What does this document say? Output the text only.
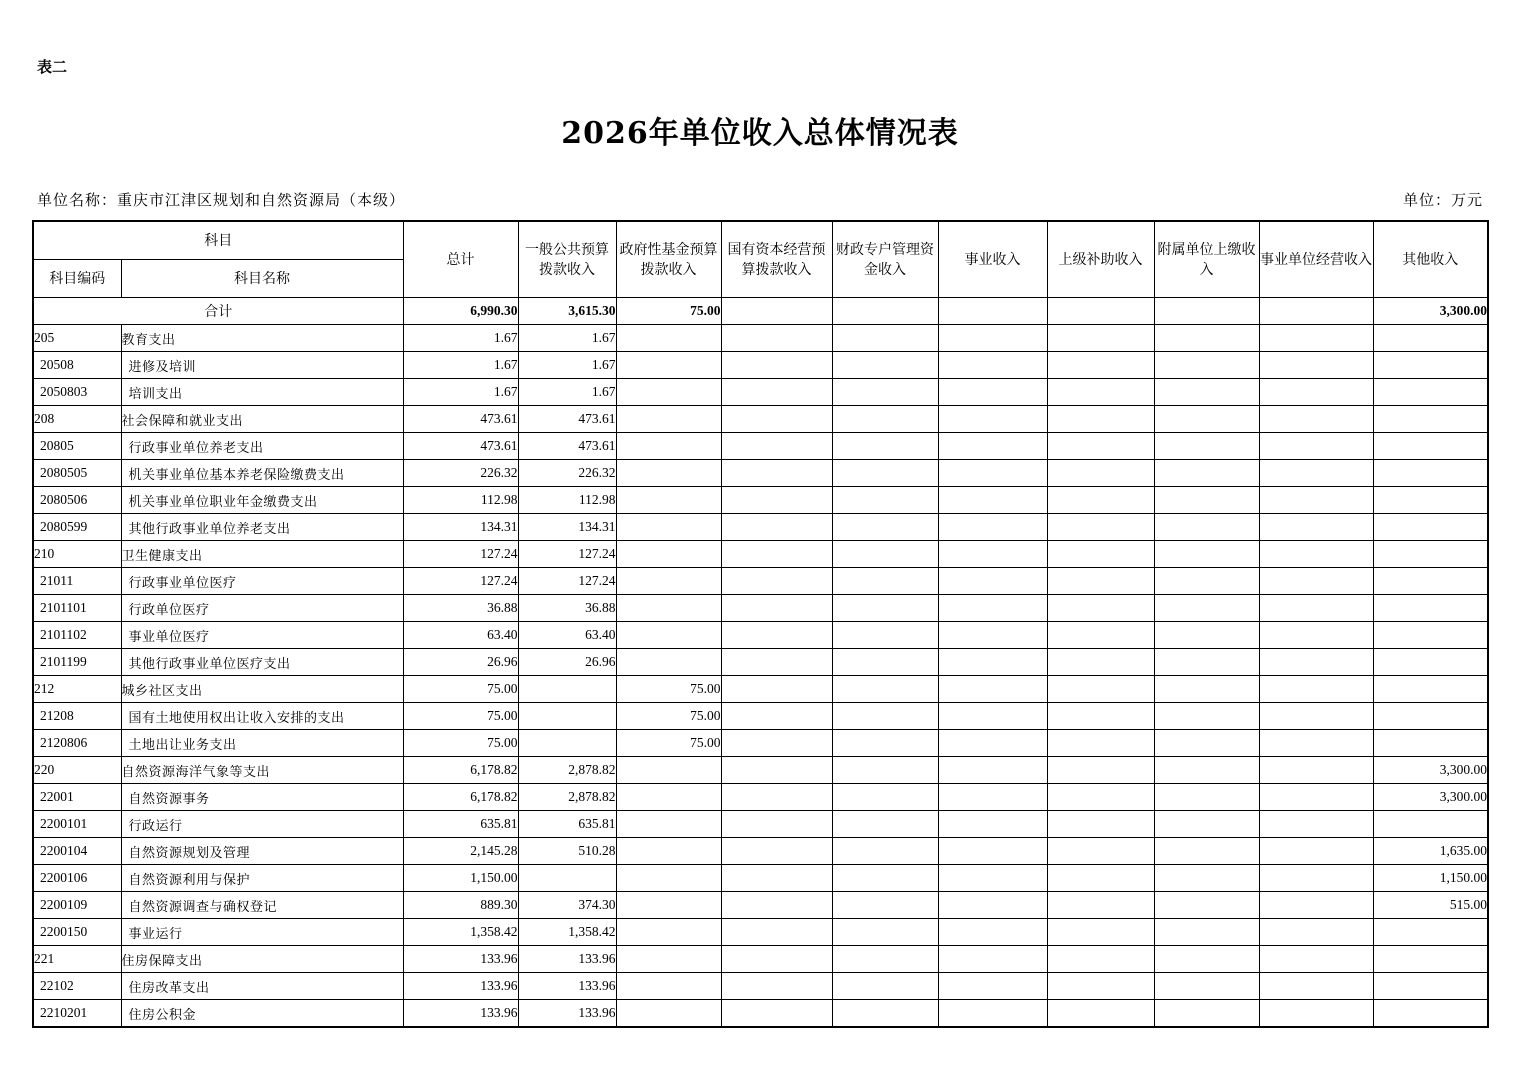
表二
2026年单位收入总体情况表
单位名称：重庆市江津区规划和自然资源局（本级）	单位：万元
科目		总计	一般公共预算拨款收入	政府性基金预算拨款收入	国有资本经营预算拨款收入	财政专户管理资金收入	事业收入	上级补助收入	附属单位上缴收入	事业单位经营收入	其他收入
科目编码	科目名称										
合计		6,990.30	3,615.30	75.00							3,300.00
205	教育支出	1.67	1.67								
20508	进修及培训	1.67	1.67								
2050803	培训支出	1.67	1.67								
208	社会保障和就业支出	473.61	473.61								
20805	行政事业单位养老支出	473.61	473.61								
2080505	机关事业单位基本养老保险缴费支出	226.32	226.32								
2080506	机关事业单位职业年金缴费支出	112.98	112.98								
2080599	其他行政事业单位养老支出	134.31	134.31								
210	卫生健康支出	127.24	127.24								
21011	行政事业单位医疗	127.24	127.24								
2101101	行政单位医疗	36.88	36.88								
2101102	事业单位医疗	63.40	63.40								
2101199	其他行政事业单位医疗支出	26.96	26.96								
212	城乡社区支出	75.00		75.00							
21208	国有土地使用权出让收入安排的支出	75.00		75.00							
2120806	土地出让业务支出	75.00		75.00							
220	自然资源海洋气象等支出	6,178.82	2,878.82								3,300.00
22001	自然资源事务	6,178.82	2,878.82								3,300.00
2200101	行政运行	635.81	635.81								
2200104	自然资源规划及管理	2,145.28	510.28								1,635.00
2200106	自然资源利用与保护	1,150.00									1,150.00
2200109	自然资源调查与确权登记	889.30	374.30								515.00
2200150	事业运行	1,358.42	1,358.42								
221	住房保障支出	133.96	133.96								
22102	住房改革支出	133.96	133.96								
2210201	住房公积金	133.96	133.96								
